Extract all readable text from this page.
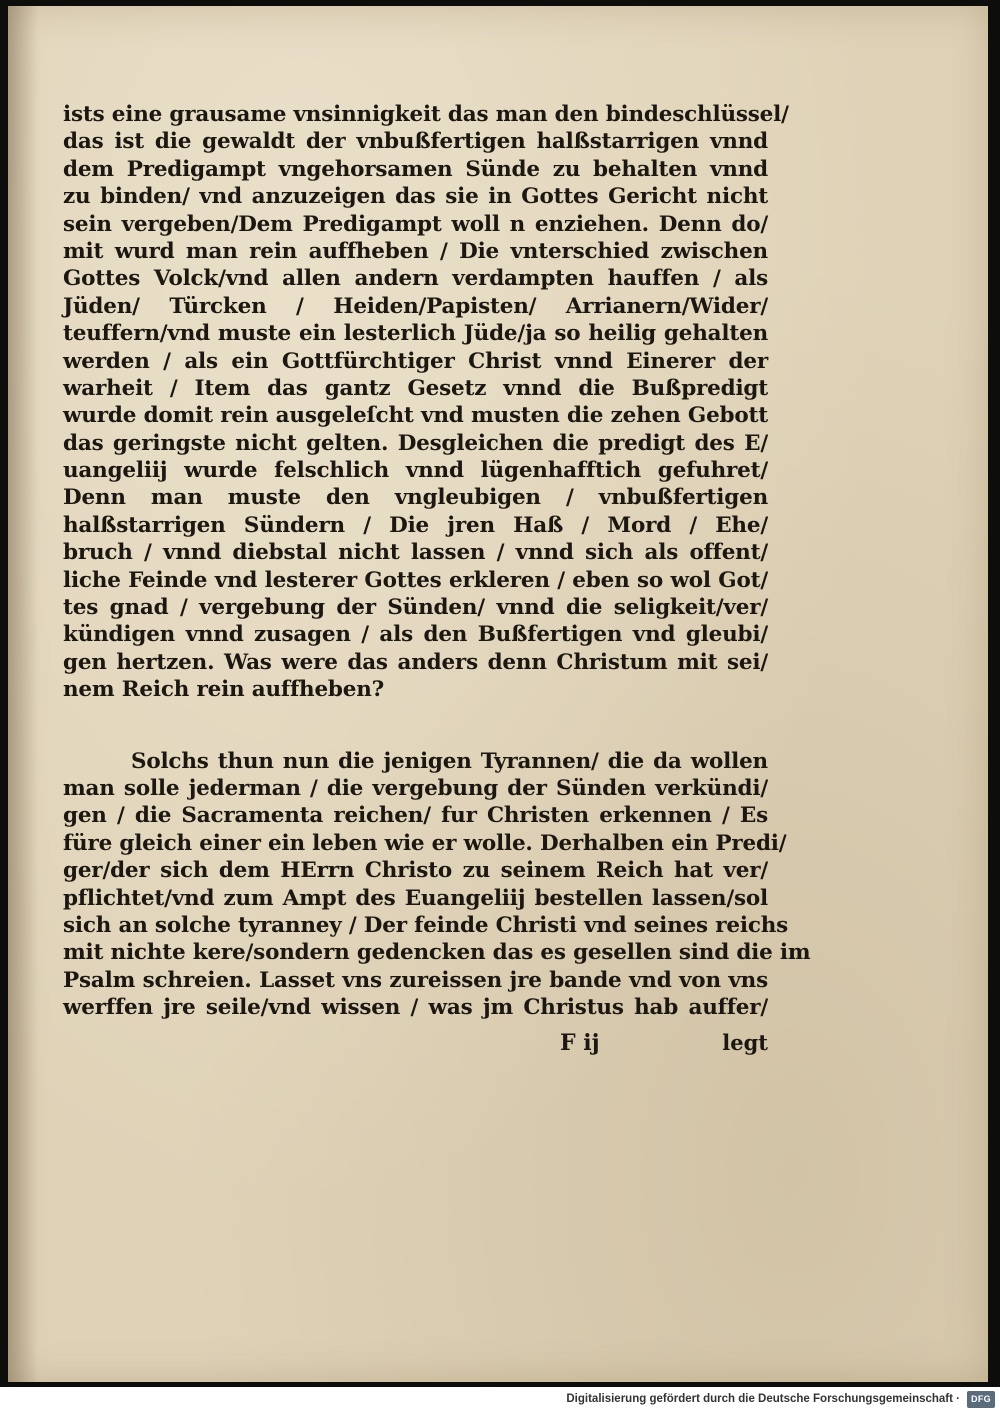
ists eine grausame vnsinnigkeit das man den bindeschlüssel/
das ist die gewaldt der vnbußfertigen halßstarrigen vnnd
dem Predigampt vngehorsamen Sünde zu behalten vnnd
zu binden/ vnd anzuzeigen das sie in Gottes Gericht nicht
sein vergeben/Dem Predigampt woll n enziehen. Denn do/
mit wurd man rein auffheben / Die vnterschied zwischen
Gottes Volck/vnd allen andern verdampten hauffen / als
Jüden/ Türcken / Heiden/Papisten/ Arrianern/Wider/
teuffern/vnd muste ein lesterlich Jüde/ja so heilig gehalten
werden / als ein Gottfürchtiger Christ vnnd Einerer der
warheit / Item das gantz Gesetz vnnd die Bußpredigt
wurde domit rein ausgeleſcht vnd musten die zehen Gebott
das geringste nicht gelten. Desgleichen die predigt des E/
uangeliij wurde felschlich vnnd lügenhafftich gefuhret/
Denn man muste den vngleubigen / vnbußfertigen
halßstarrigen Sündern / Die jren Haß / Mord / Ehe/
bruch / vnnd diebstal nicht lassen / vnnd sich als offent/
liche Feinde vnd lesterer Gottes erkleren / eben so wol Got/
tes gnad / vergebung der Sünden/ vnnd die seligkeit/ver/
kündigen vnnd zusagen / als den Bußfertigen vnd gleubi/
gen hertzen. Was were das anders denn Christum mit sei/
nem Reich rein auffheben?
Solchs thun nun die jenigen Tyrannen/ die da wollen
man solle jederman / die vergebung der Sünden verkündi/
gen / die Sacramenta reichen/ fur Christen erkennen / Es
füre gleich einer ein leben wie er wolle. Derhalben ein Predi/
ger/der sich dem HErrn Christo zu seinem Reich hat ver/
pflichtet/vnd zum Ampt des Euangeliij bestellen lassen/sol
sich an solche tyranney / Der feinde Christi vnd seines reichs
mit nichte kere/sondern gedencken das es gesellen sind die im
Psalm schreien. Lasset vns zureissen jre bande vnd von vns
werffen jre seile/vnd wissen / was jm Christus hab auffer/
F ij	legt
Digitalisierung gefördert durch die Deutsche Forschungsgemeinschaft ·	DFG
